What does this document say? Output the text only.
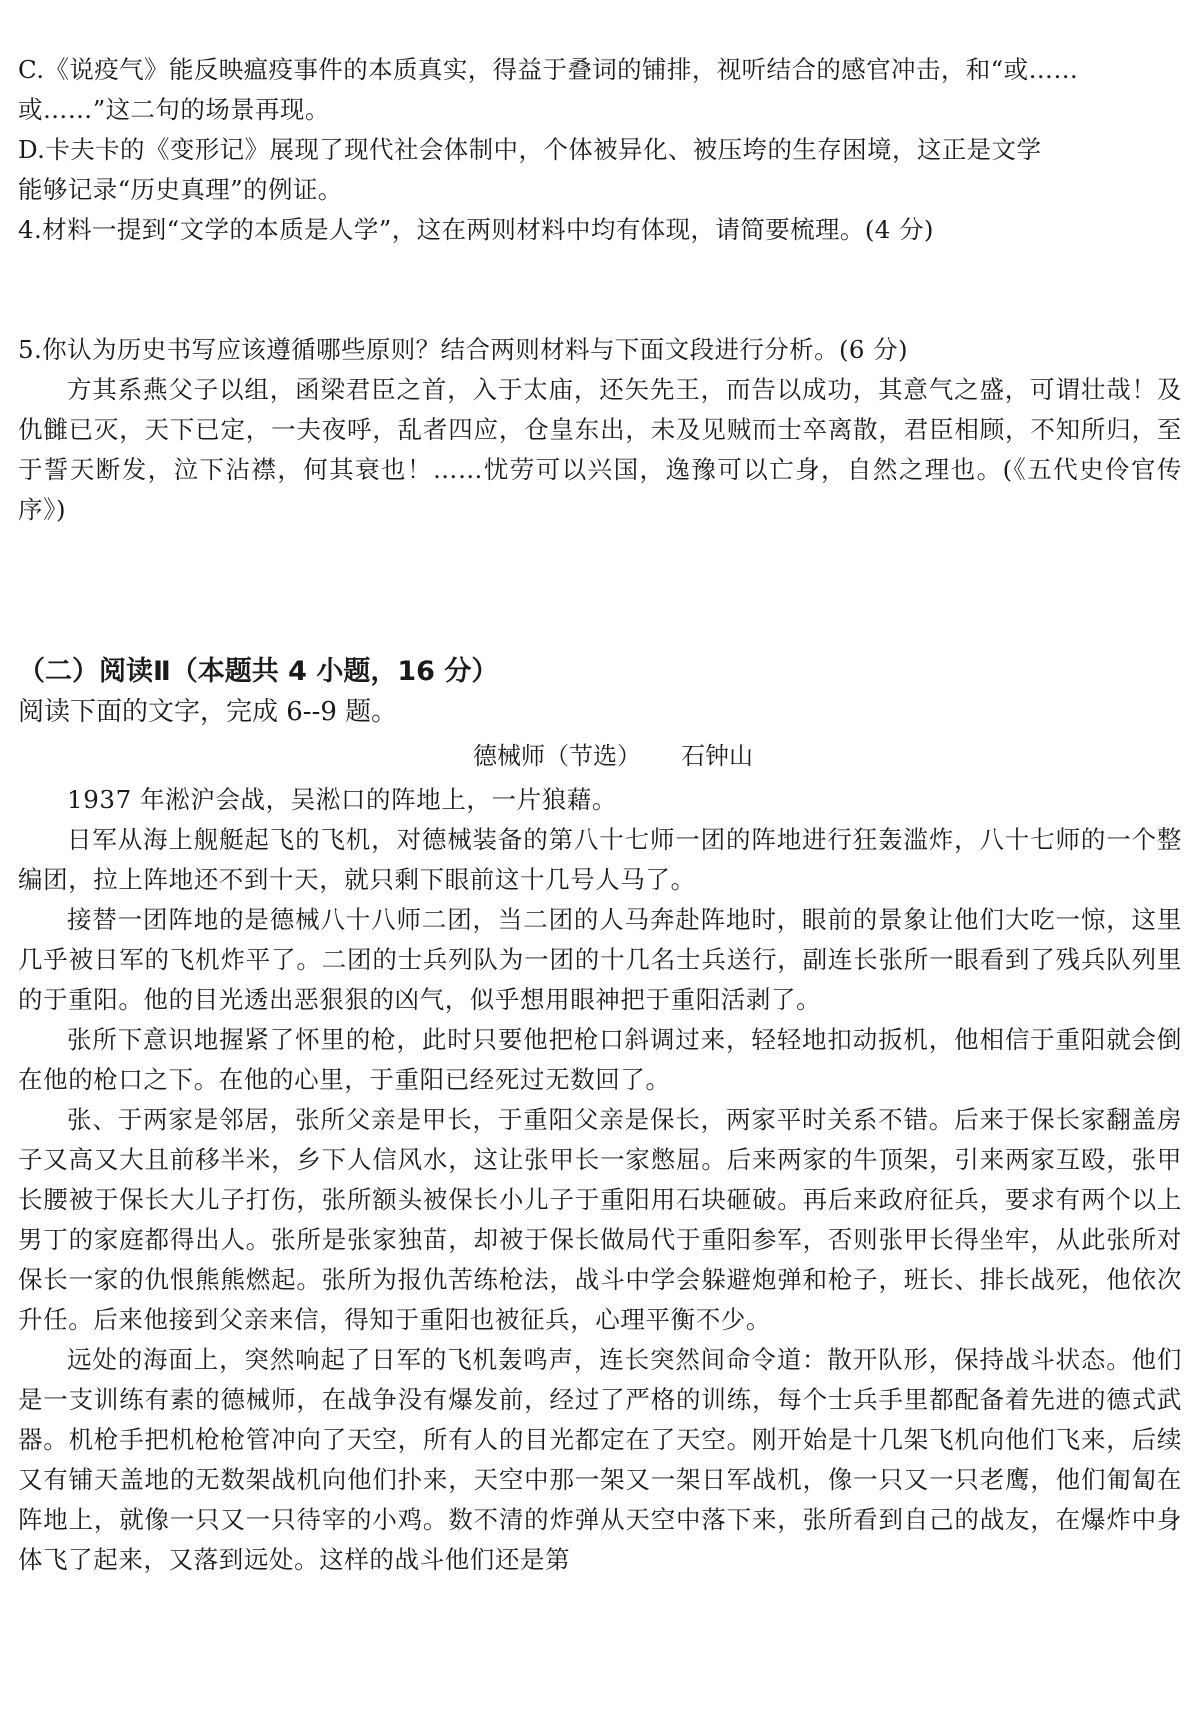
C.《说疫气》能反映瘟疫事件的本质真实，得益于叠词的铺排，视听结合的感官冲击，和“或……
或……”这二句的场景再现。
D.卡夫卡的《变形记》展现了现代社会体制中，个体被异化、被压垮的生存困境，这正是文学
能够记录“历史真理”的例证。
4.材料一提到“文学的本质是人学”，这在两则材料中均有体现，请简要梳理。(4 分)
5.你认为历史书写应该遵循哪些原则？结合两则材料与下面文段进行分析。(6 分)
方其系燕父子以组，函梁君臣之首，入于太庙，还矢先王，而告以成功，其意气之盛，可谓壮哉！及仇雠已灭，天下已定，一夫夜呼，乱者四应，仓皇东出，未及见贼而士卒离散，君臣相顾，不知所归，至于誓天断发，泣下沾襟，何其衰也！……忧劳可以兴国，逸豫可以亡身，自然之理也。(《五代史伶官传序》)
（二）阅读Ⅱ（本题共 4 小题，16 分）
阅读下面的文字，完成 6--9 题。
德械师（节选） 石钟山

1937 年淞沪会战，吴淞口的阵地上，一片狼藉。

日军从海上舰艇起飞的飞机，对德械装备的第八十七师一团的阵地进行狂轰滥炸，八十七师的一个整编团，拉上阵地还不到十天，就只剩下眼前这十几号人马了。

接替一团阵地的是德械八十八师二团，当二团的人马奔赴阵地时，眼前的景象让他们大吃一惊，这里几乎被日军的飞机炸平了。二团的士兵列队为一团的十几名士兵送行，副连长张所一眼看到了残兵队列里的于重阳。他的目光透出恶狠狠的凶气，似乎想用眼神把于重阳活剥了。

张所下意识地握紧了怀里的枪，此时只要他把枪口斜调过来，轻轻地扣动扳机，他相信于重阳就会倒在他的枪口之下。在他的心里，于重阳已经死过无数回了。

张、于两家是邻居，张所父亲是甲长，于重阳父亲是保长，两家平时关系不错。后来于保长家翻盖房子又高又大且前移半米，乡下人信风水，这让张甲长一家憋屈。后来两家的牛顶架，引来两家互殴，张甲长腰被于保长大儿子打伤，张所额头被保长小儿子于重阳用石块砸破。再后来政府征兵，要求有两个以上男丁的家庭都得出人。张所是张家独苗，却被于保长做局代于重阳参军，否则张甲长得坐牢，从此张所对保长一家的仇恨熊熊燃起。张所为报仇苦练枪法，战斗中学会躲避炮弹和枪子，班长、排长战死，他依次升任。后来他接到父亲来信，得知于重阳也被征兵，心理平衡不少。

远处的海面上，突然响起了日军的飞机轰鸣声，连长突然间命令道：散开队形，保持战斗状态。他们是一支训练有素的德械师，在战争没有爆发前，经过了严格的训练，每个士兵手里都配备着先进的德式武器。机枪手把机枪枪管冲向了天空，所有人的目光都定在了天空。刚开始是十几架飞机向他们飞来，后续又有铺天盖地的无数架战机向他们扑来，天空中那一架又一架日军战机，像一只又一只老鹰，他们匍匐在阵地上，就像一只又一只待宰的小鸡。数不清的炸弹从天空中落下来，张所看到自己的战友，在爆炸中身体飞了起来，又落到远处。这样的战斗他们还是第
